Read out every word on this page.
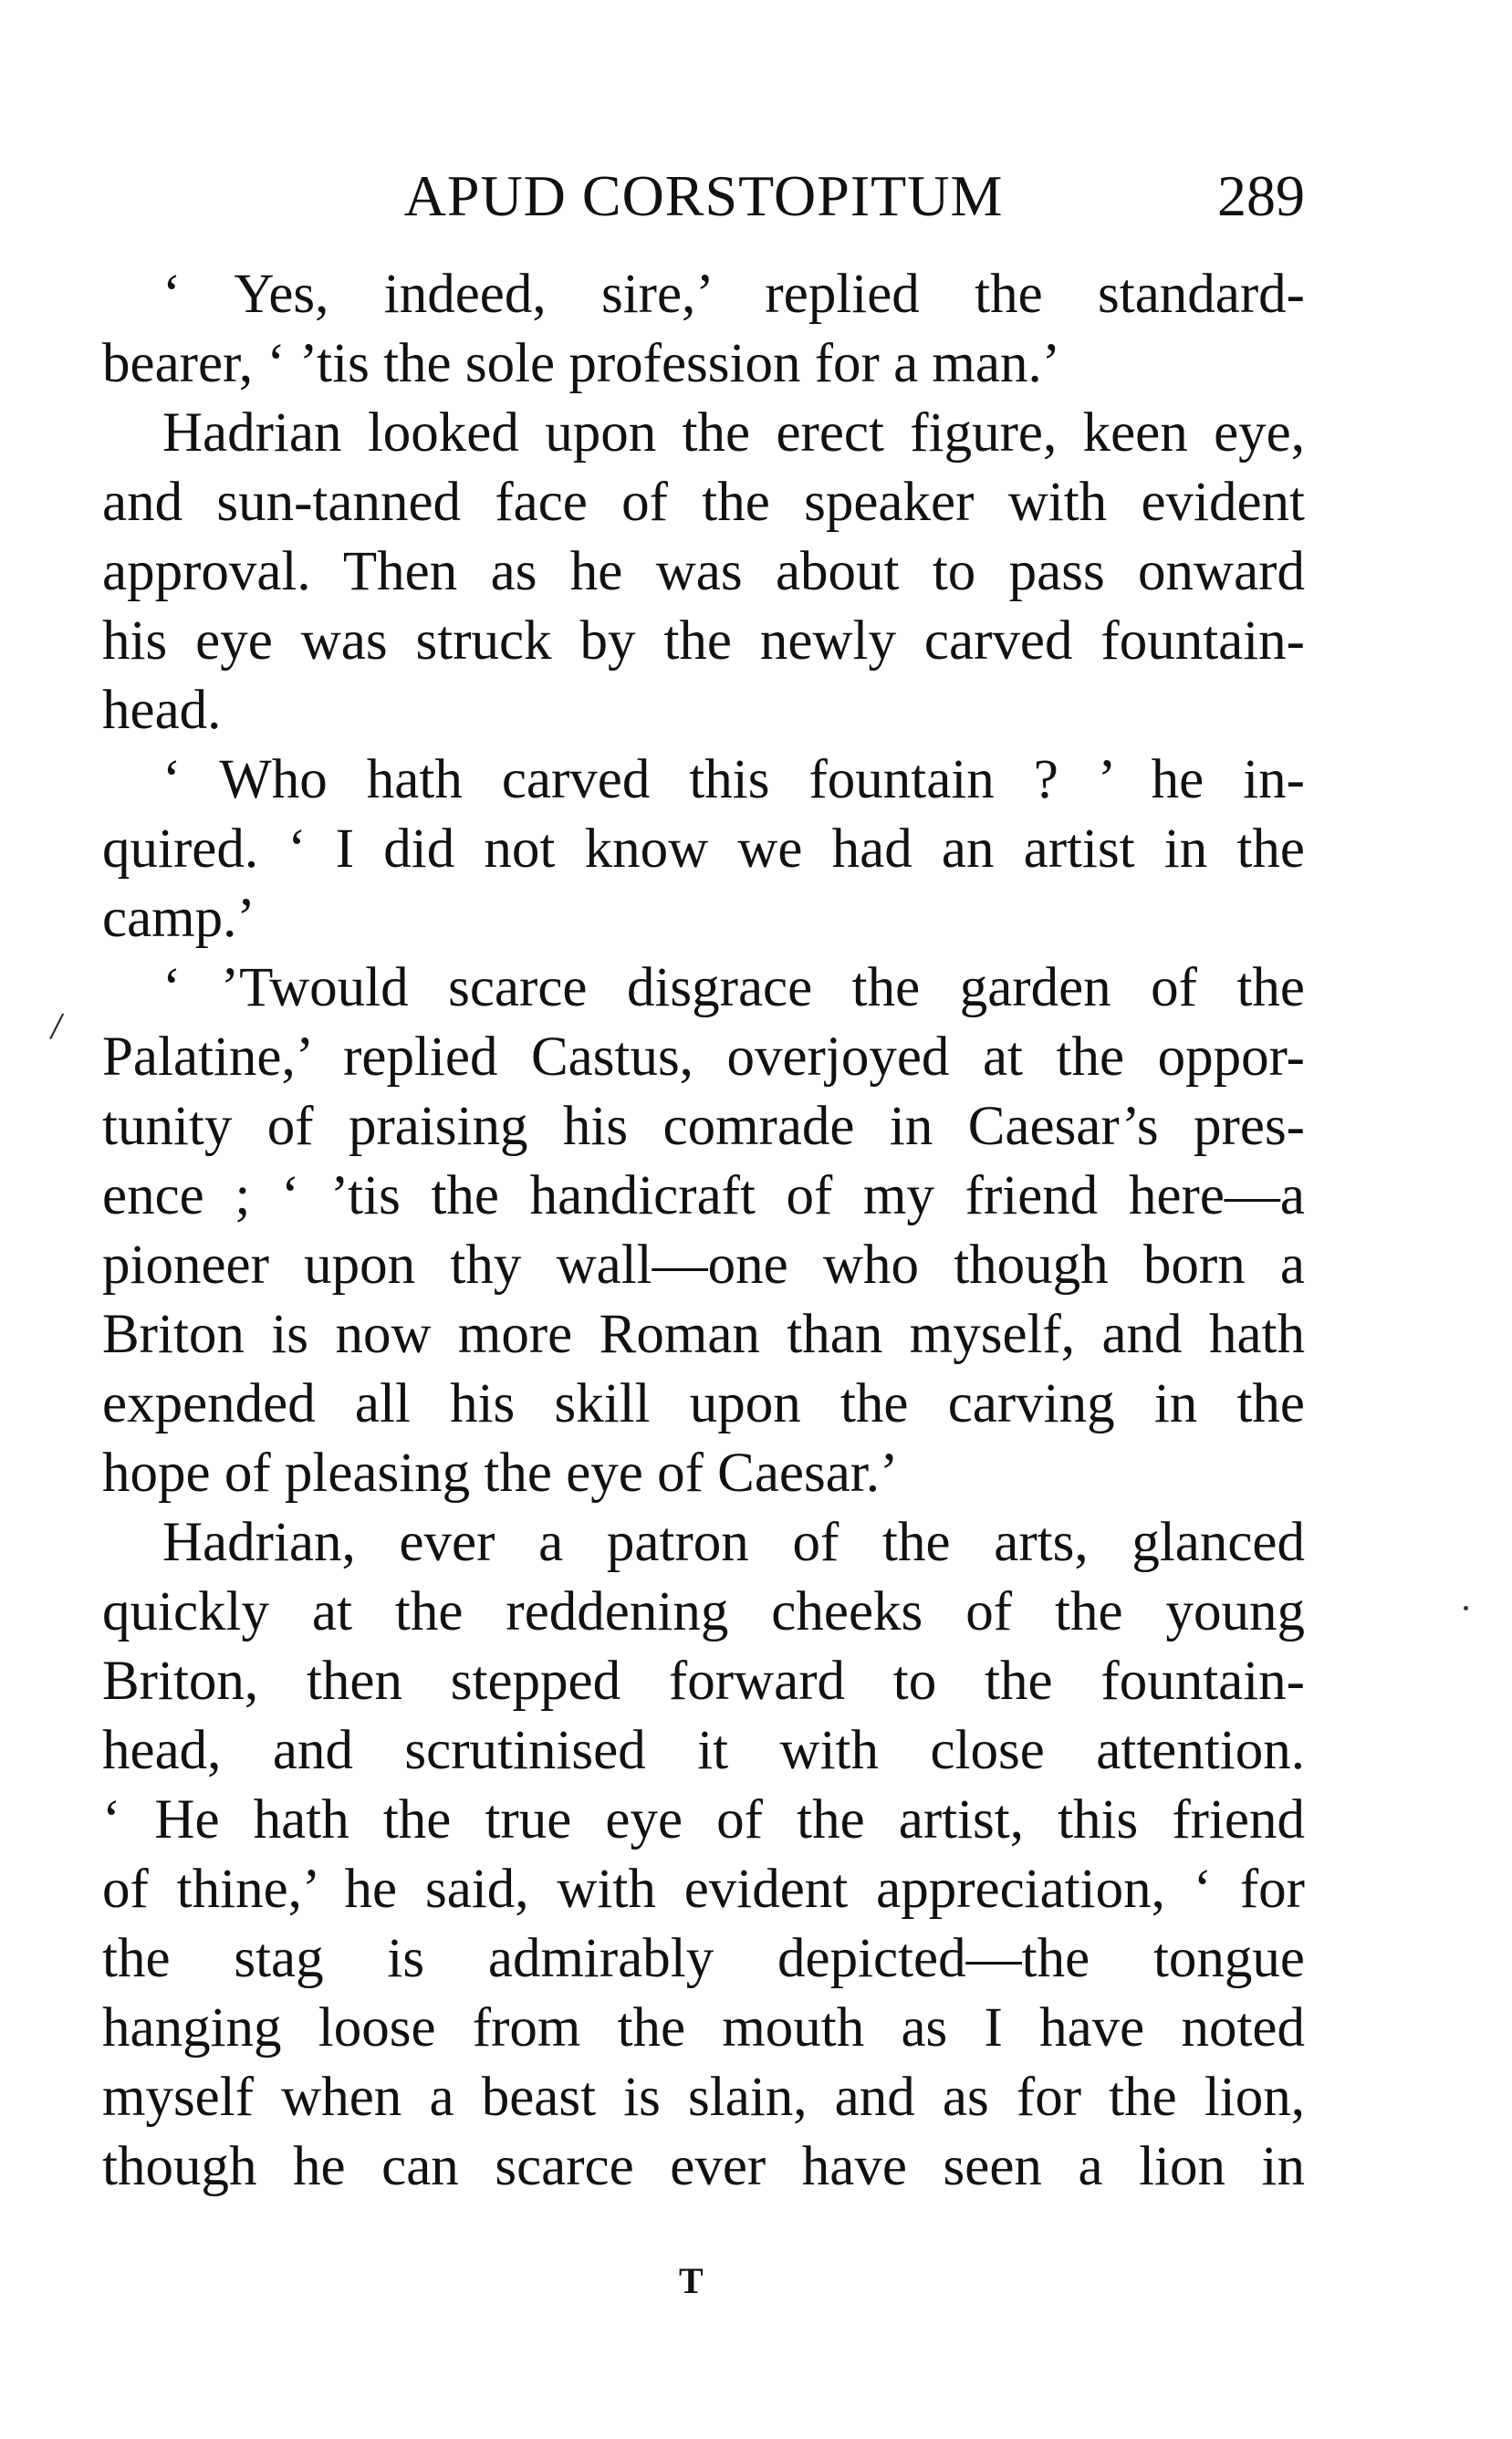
APUD CORSTOPITUM	289
/
‘ Yes, indeed, sire,’ replied the standard-
bearer, ‘ ’tis the sole profession for a man.’
Hadrian looked upon the erect figure, keen eye,
and sun-tanned face of the speaker with evident
approval. Then as he was about to pass onward
his eye was struck by the newly carved fountain-
head.
‘ Who hath carved this fountain ? ’ he in-
quired. ‘ I did not know we had an artist in the
camp.’
‘ ’Twould scarce disgrace the garden of the
Palatine,’ replied Castus, overjoyed at the oppor-
tunity of praising his comrade in Caesar’s pres-
ence ; ‘ ’tis the handicraft of my friend here—a
pioneer upon thy wall—one who though born a
Briton is now more Roman than myself, and hath
expended all his skill upon the carving in the
hope of pleasing the eye of Caesar.’
Hadrian, ever a patron of the arts, glanced
quickly at the reddening cheeks of the young
Briton, then stepped forward to the fountain-
head, and scrutinised it with close attention.
‘ He hath the true eye of the artist, this friend
of thine,’ he said, with evident appreciation, ‘ for
the stag is admirably depicted—the tongue
hanging loose from the mouth as I have noted
myself when a beast is slain, and as for the lion,
though he can scarce ever have seen a lion in
T
